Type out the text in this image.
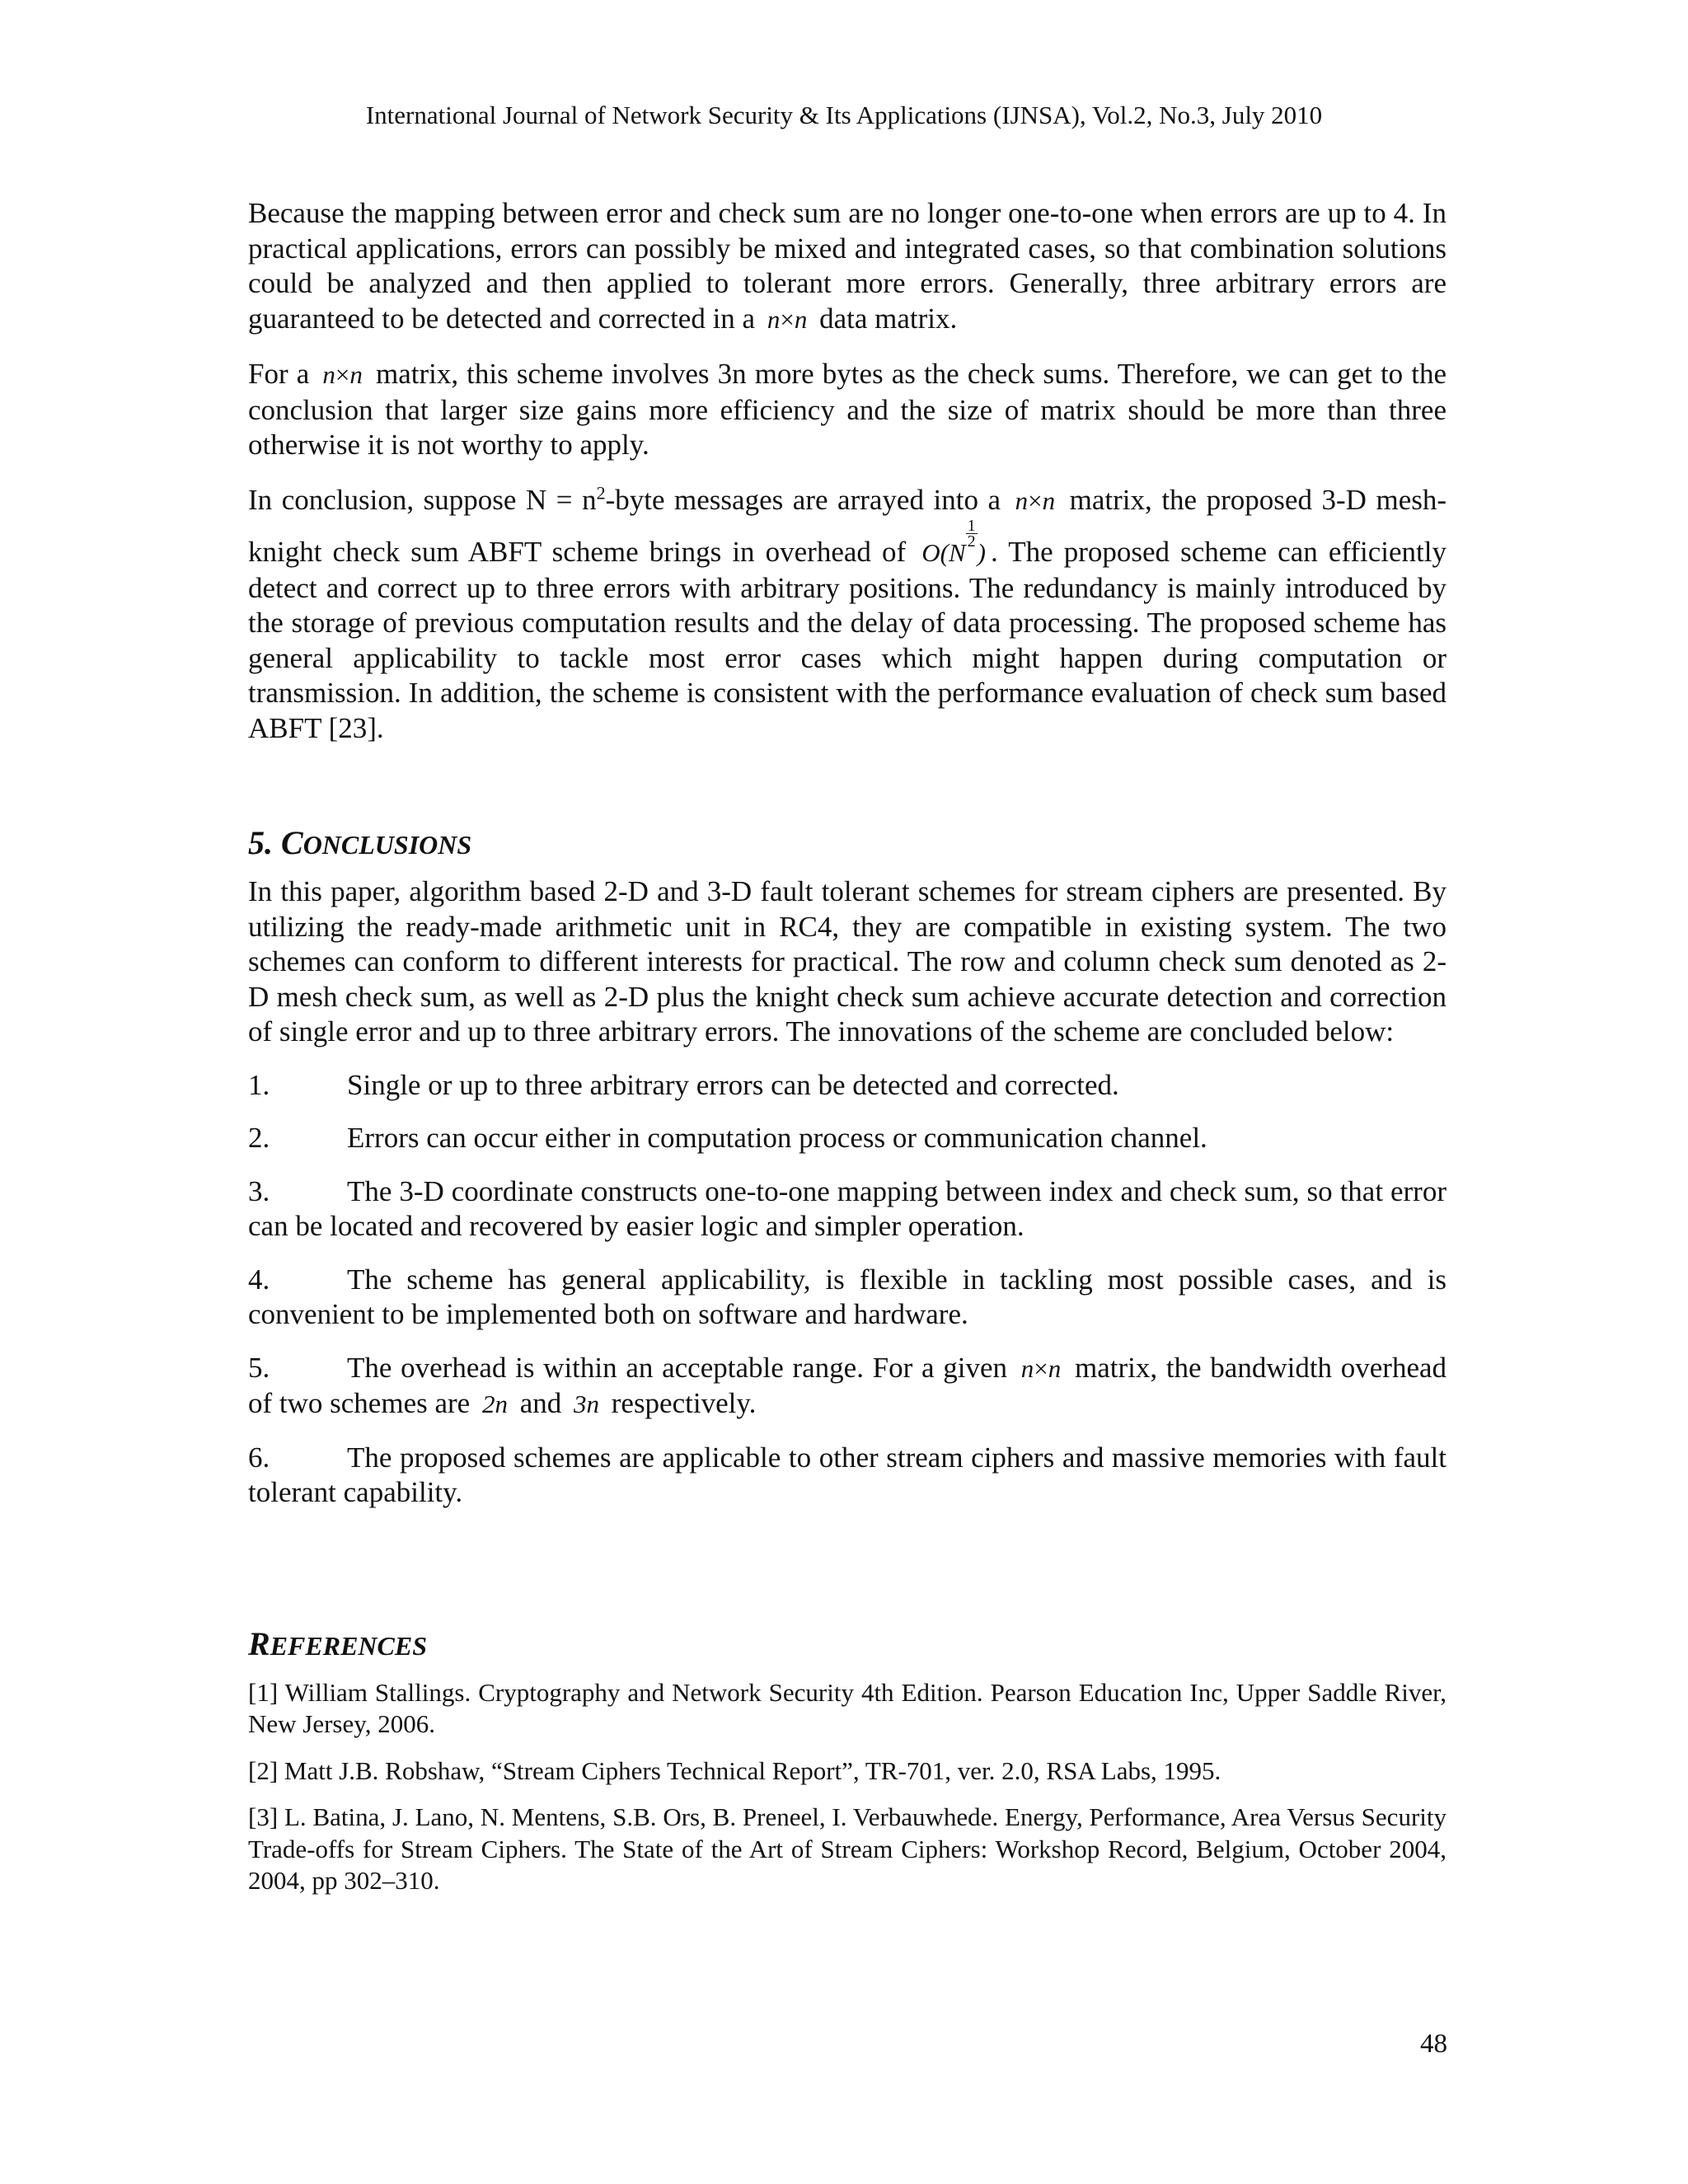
International Journal of Network Security & Its Applications (IJNSA), Vol.2, No.3, July 2010

Because the mapping between error and check sum are no longer one-to-one when errors are up to 4. In practical applications, errors can possibly be mixed and integrated cases, so that combination solutions could be analyzed and then applied to tolerant more errors. Generally, three arbitrary errors are guaranteed to be detected and corrected in a n×n data matrix.

For a n×n matrix, this scheme involves 3n more bytes as the check sums. Therefore, we can get to the conclusion that larger size gains more efficiency and the size of matrix should be more than three otherwise it is not worthy to apply.

In conclusion, suppose $N = n^2$-byte messages are arrayed into a n×n matrix, the proposed 3-D mesh-knight check sum ABFT scheme brings in overhead of O(N
$\frac{1}{2}$
) . The proposed scheme can efficiently detect and correct up to three errors with arbitrary positions. The redundancy is mainly introduced by the storage of previous computation results and the delay of data processing. The proposed scheme has general applicability to tackle most error cases which might happen during computation or transmission. In addition, the scheme is consistent with the performance evaluation of check sum based ABFT [23].

5. CONCLUSIONS

In this paper, algorithm based 2-D and 3-D fault tolerant schemes for stream ciphers are presented. By utilizing the ready-made arithmetic unit in RC4, they are compatible in existing system. The two schemes can conform to different interests for practical. The row and column check sum denoted as 2-D mesh check sum, as well as 2-D plus the knight check sum achieve accurate detection and correction of single error and up to three arbitrary errors. The innovations of the scheme are concluded below:

1.	Single or up to three arbitrary errors can be detected and corrected.

2.	Errors can occur either in computation process or communication channel.

3.	The 3-D coordinate constructs one-to-one mapping between index and check sum, so that error can be located and recovered by easier logic and simpler operation.

4.	The scheme has general applicability, is flexible in tackling most possible cases, and is convenient to be implemented both on software and hardware.

5.	The overhead is within an acceptable range. For a given n×n matrix, the bandwidth overhead of two schemes are 2n and 3n respectively.

6.	The proposed schemes are applicable to other stream ciphers and massive memories with fault tolerant capability.

REFERENCES

[1] William Stallings. Cryptography and Network Security 4th Edition. Pearson Education Inc, Upper Saddle River, New Jersey, 2006.

[2] Matt J.B. Robshaw, “Stream Ciphers Technical Report”, TR-701, ver. 2.0, RSA Labs, 1995.

[3] L. Batina, J. Lano, N. Mentens, S.B. Ors, B. Preneel, I. Verbauwhede. Energy, Performance, Area Versus Security Trade-offs for Stream Ciphers. The State of the Art of Stream Ciphers: Workshop Record, Belgium, October 2004, 2004, pp 302–310.

48
